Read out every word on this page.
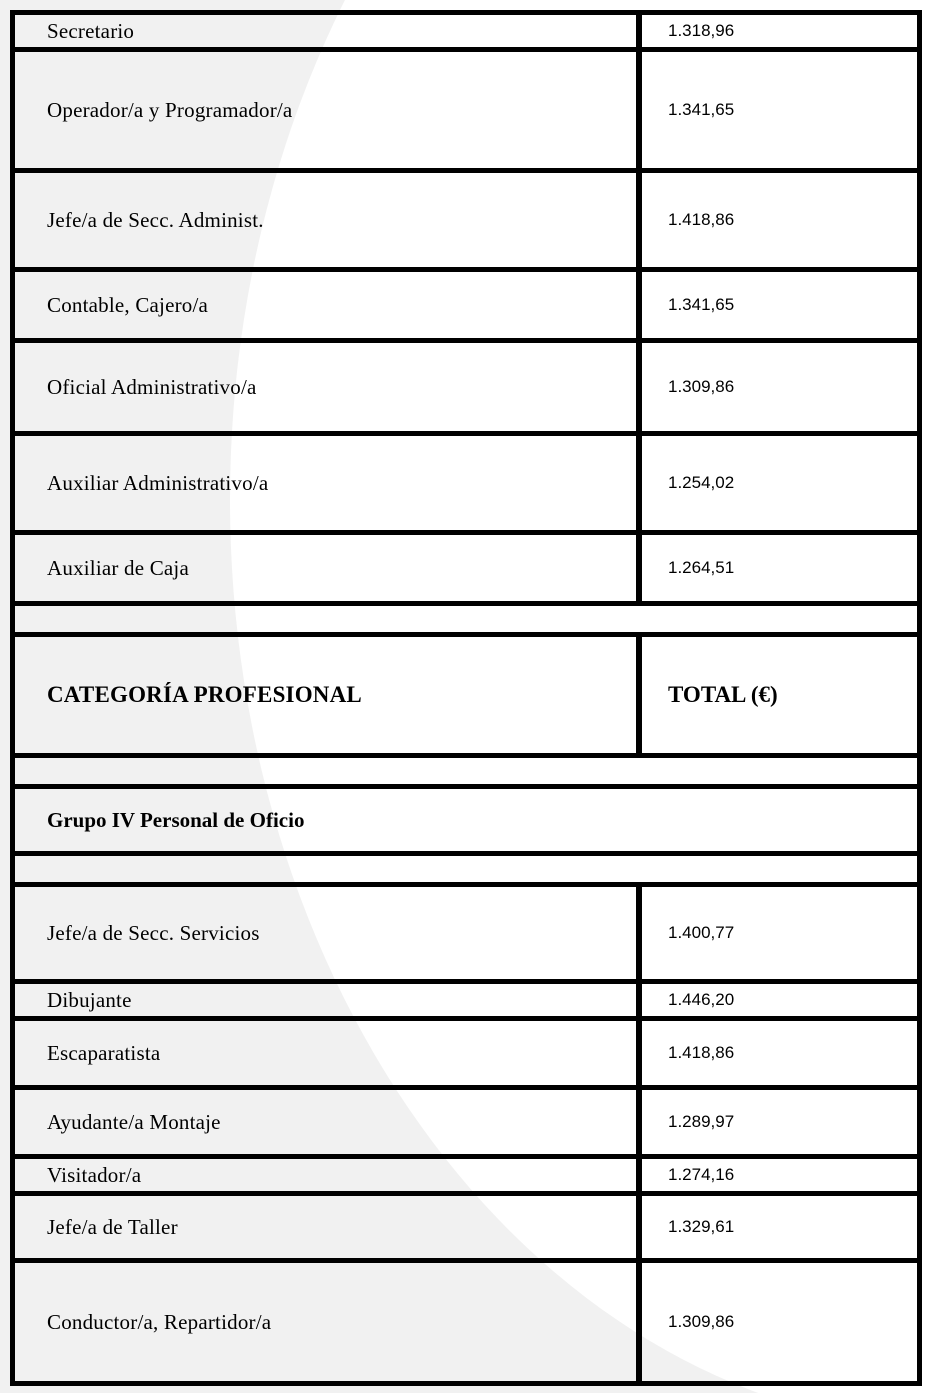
Secretario	1.318,96
Operador/a y Programador/a	1.341,65
Jefe/a de Secc. Administ.	1.418,86
Contable, Cajero/a	1.341,65
Oficial Administrativo/a	1.309,86
Auxiliar Administrativo/a	1.254,02
Auxiliar de Caja	1.264,51
CATEGORÍA PROFESIONAL	TOTAL (€)
Grupo IV Personal de Oficio
Jefe/a de Secc. Servicios	1.400,77
Dibujante	1.446,20
Escaparatista	1.418,86
Ayudante/a Montaje	1.289,97
Visitador/a	1.274,16
Jefe/a de Taller	1.329,61
Conductor/a, Repartidor/a	1.309,86
